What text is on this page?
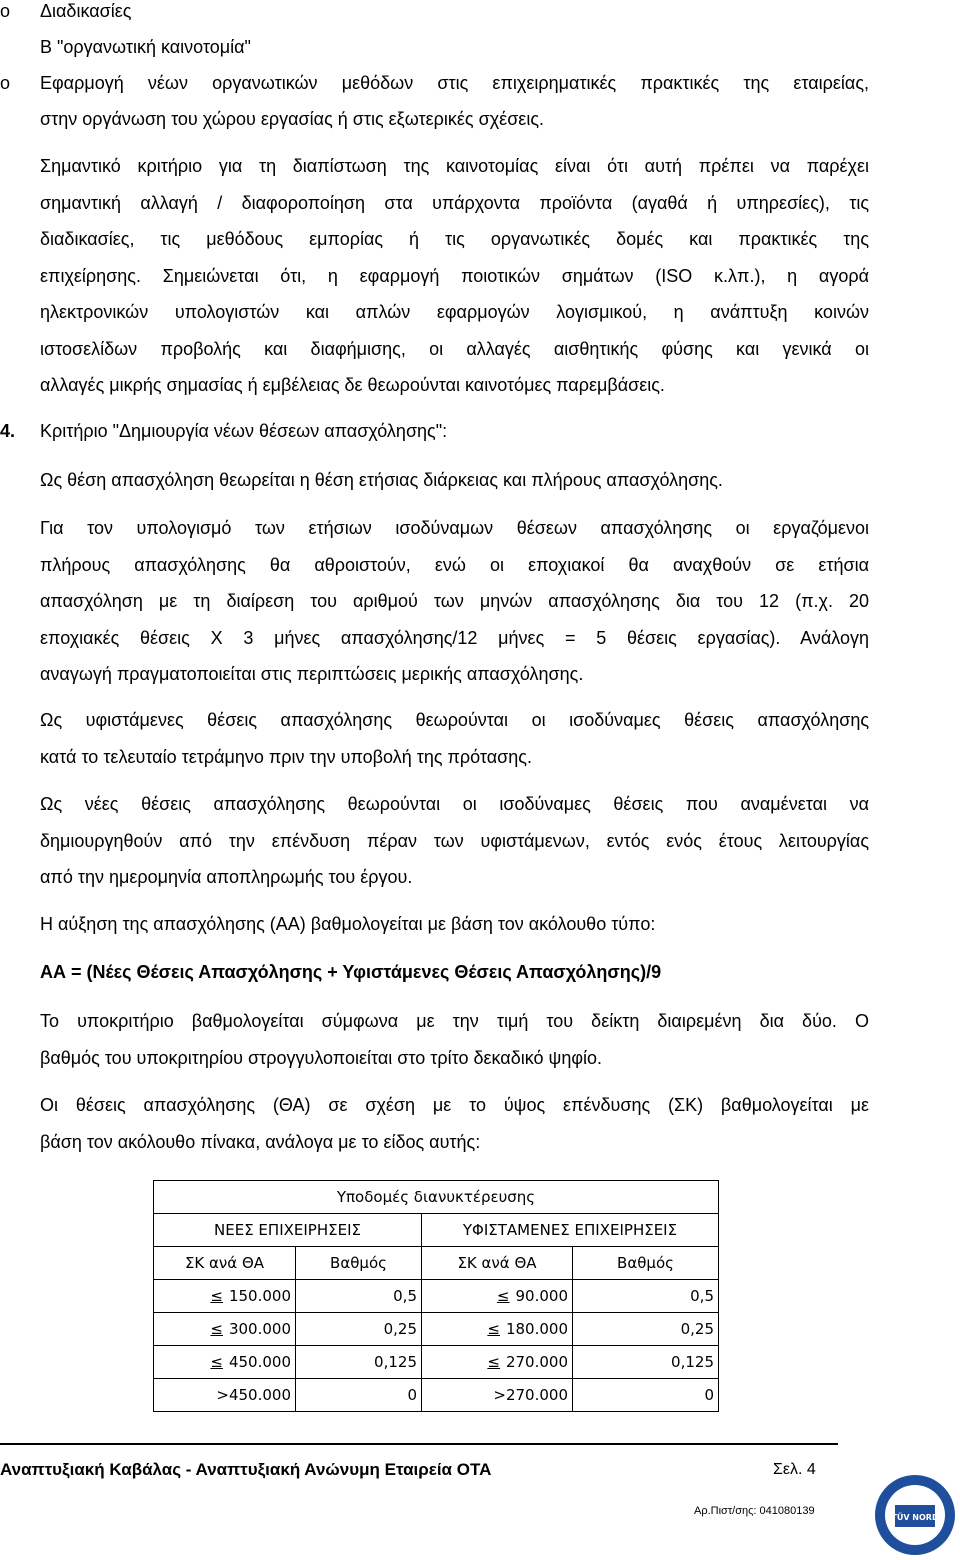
o Διαδικασίες
B "οργανωτική καινοτομία"
o Εφαρμογή νέων οργανωτικών μεθόδων στις επιχειρηματικές πρακτικές της εταιρείας,
στην οργάνωση του χώρου εργασίας ή στις εξωτερικές σχέσεις.
Σημαντικό κριτήριο για τη διαπίστωση της καινοτομίας είναι ότι αυτή πρέπει να παρέχει
σημαντική αλλαγή / διαφοροποίηση στα υπάρχοντα προϊόντα (αγαθά ή υπηρεσίες), τις
διαδικασίες, τις μεθόδους εμπορίας ή τις οργανωτικές δομές και πρακτικές της
επιχείρησης. Σημειώνεται ότι, η εφαρμογή ποιοτικών σημάτων (ISO κ.λπ.), η αγορά
ηλεκτρονικών υπολογιστών και απλών εφαρμογών λογισμικού, η ανάπτυξη κοινών
ιστοσελίδων προβολής και διαφήμισης, οι αλλαγές αισθητικής φύσης και γενικά οι
αλλαγές μικρής σημασίας ή εμβέλειας δε θεωρούνται καινοτόμες παρεμβάσεις.
4. Κριτήριο "Δημιουργία νέων θέσεων απασχόλησης":
Ως θέση απασχόληση θεωρείται η θέση ετήσιας διάρκειας και πλήρους απασχόλησης.
Για τον υπολογισμό των ετήσιων ισοδύναμων θέσεων απασχόλησης οι εργαζόμενοι
πλήρους απασχόλησης θα αθροιστούν, ενώ οι εποχιακοί θα αναχθούν σε ετήσια
απασχόληση με τη διαίρεση του αριθμού των μηνών απασχόλησης δια του 12 (π.χ. 20
εποχιακές θέσεις Χ 3 μήνες απασχόλησης/12 μήνες = 5 θέσεις εργασίας). Ανάλογη
αναγωγή πραγματοποιείται στις περιπτώσεις μερικής απασχόλησης.
Ως υφιστάμενες θέσεις απασχόλησης θεωρούνται οι ισοδύναμες θέσεις απασχόλησης
κατά το τελευταίο τετράμηνο πριν την υποβολή της πρότασης.
Ως νέες θέσεις απασχόλησης θεωρούνται οι ισοδύναμες θέσεις που αναμένεται να
δημιουργηθούν από την επένδυση πέραν των υφιστάμενων, εντός ενός έτους λειτουργίας
από την ημερομηνία αποπληρωμής του έργου.
Η αύξηση της απασχόλησης (ΑΑ) βαθμολογείται με βάση τον ακόλουθο τύπο:
ΑΑ = (Νέες Θέσεις Απασχόλησης + Υφιστάμενες Θέσεις Απασχόλησης)/9
Το υποκριτήριο βαθμολογείται σύμφωνα με την τιμή του δείκτη διαιρεμένη δια δύο. Ο
βαθμός του υποκριτηρίου στρογγυλοποιείται στο τρίτο δεκαδικό ψηφίο.
Οι θέσεις απασχόλησης (ΘΑ) σε σχέση με το ύψος επένδυσης (ΣΚ) βαθμολογείται με
βάση τον ακόλουθο πίνακα, ανάλογα με το είδος αυτής:
Υποδομές διανυκτέρευσης			
ΝΕΕΣ ΕΠΙΧΕΙΡΗΣΕΙΣ		ΥΦΙΣΤΑΜΕΝΕΣ ΕΠΙΧΕΙΡΗΣΕΙΣ	
ΣΚ ανά ΘΑ	Βαθμός	ΣΚ ανά ΘΑ	Βαθμός
≤ 150.000	0,5	≤ 90.000	0,5
≤ 300.000	0,25	≤ 180.000	0,25
≤ 450.000	0,125	≤ 270.000	0,125
>450.000	0	>270.000	0
Αναπτυξιακή Καβάλας - Αναπτυξιακή Ανώνυμη Εταιρεία ΟΤΑ	Σελ. 4
Αρ.Πιστ/σης: 041080139
TÜV NORD
